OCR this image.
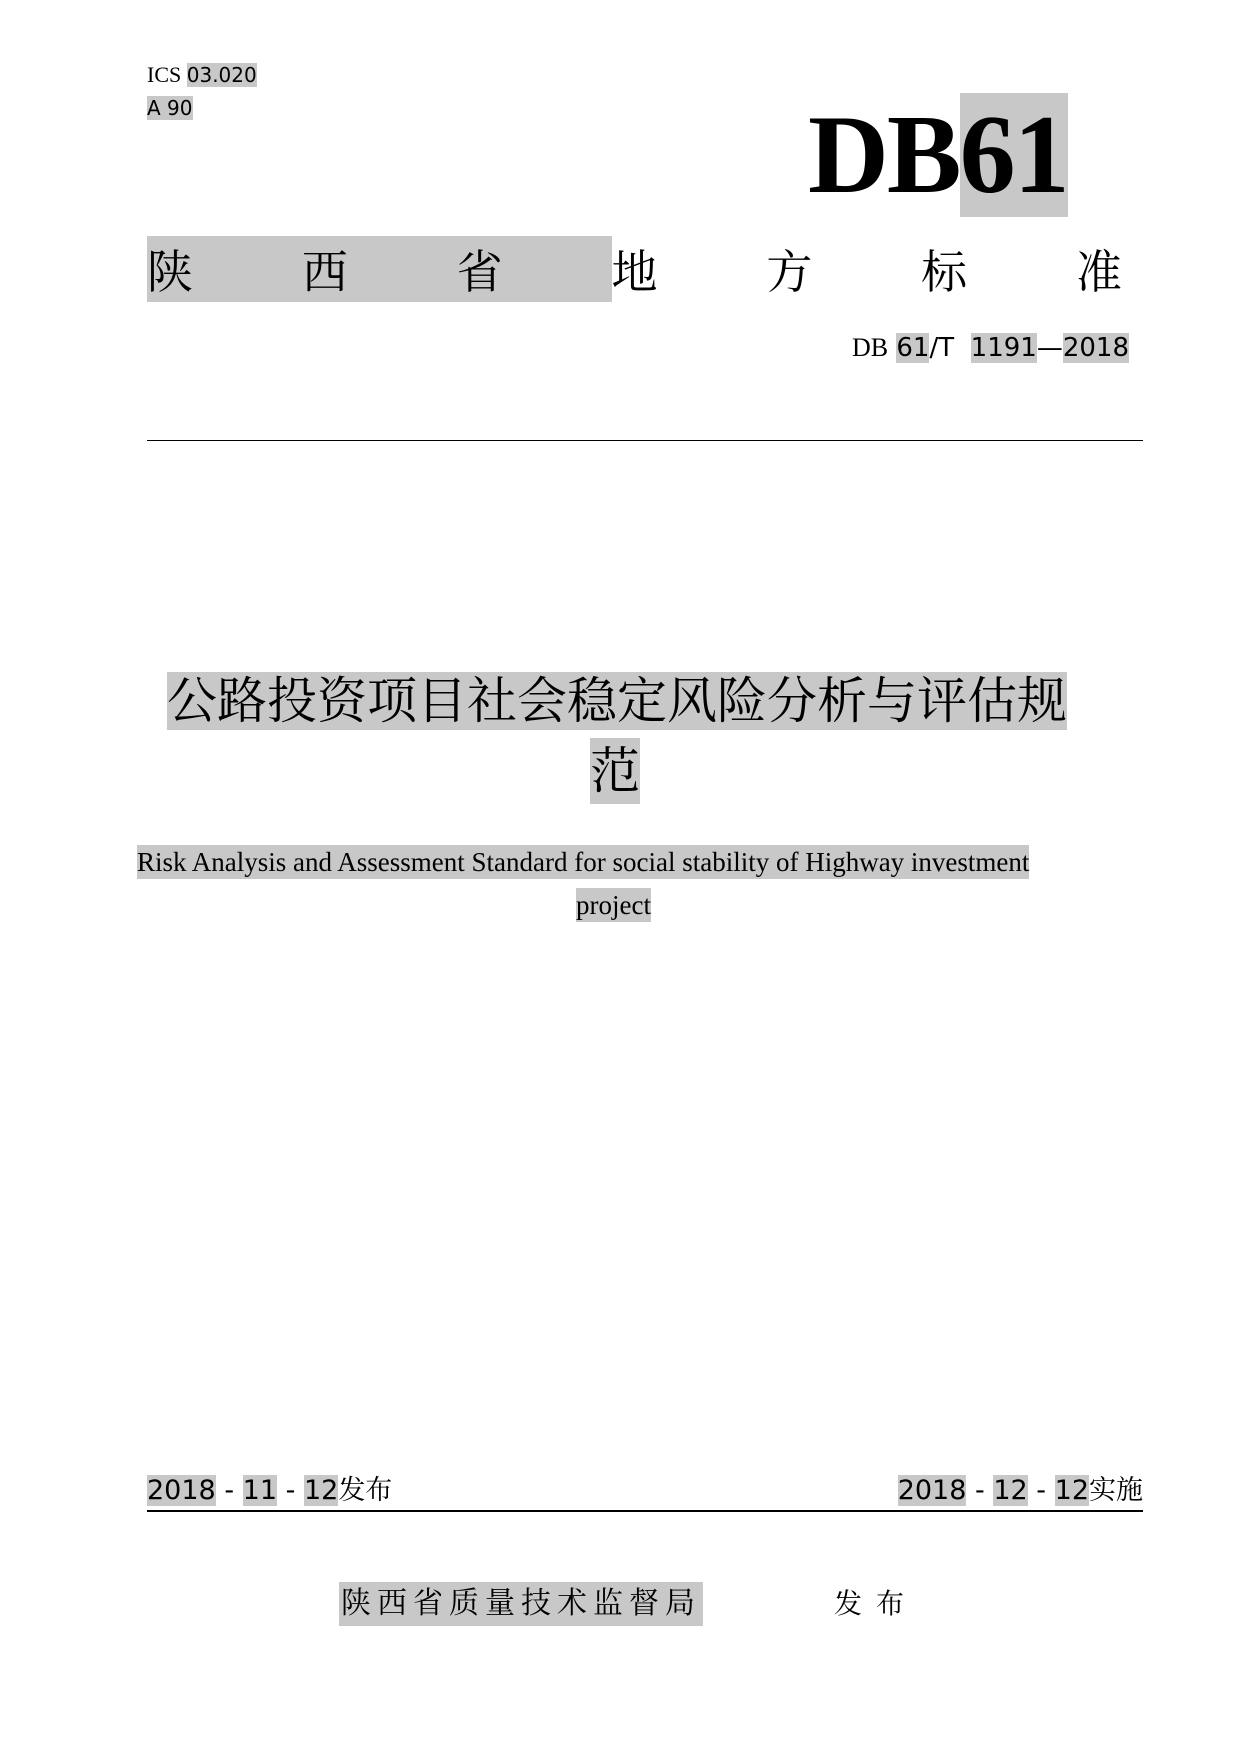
ICS 03.020
A 90	DB61
陕 西 省 地 方 标 准
DB 61/T 1191—2018
公路投资项目社会稳定风险分析与评估规
范
Risk Analysis and Assessment Standard for social stability of Highway investment
project
2018 - 11 - 12发布	2018 - 12 - 12实施
陕西省质量技术监督局	发布
